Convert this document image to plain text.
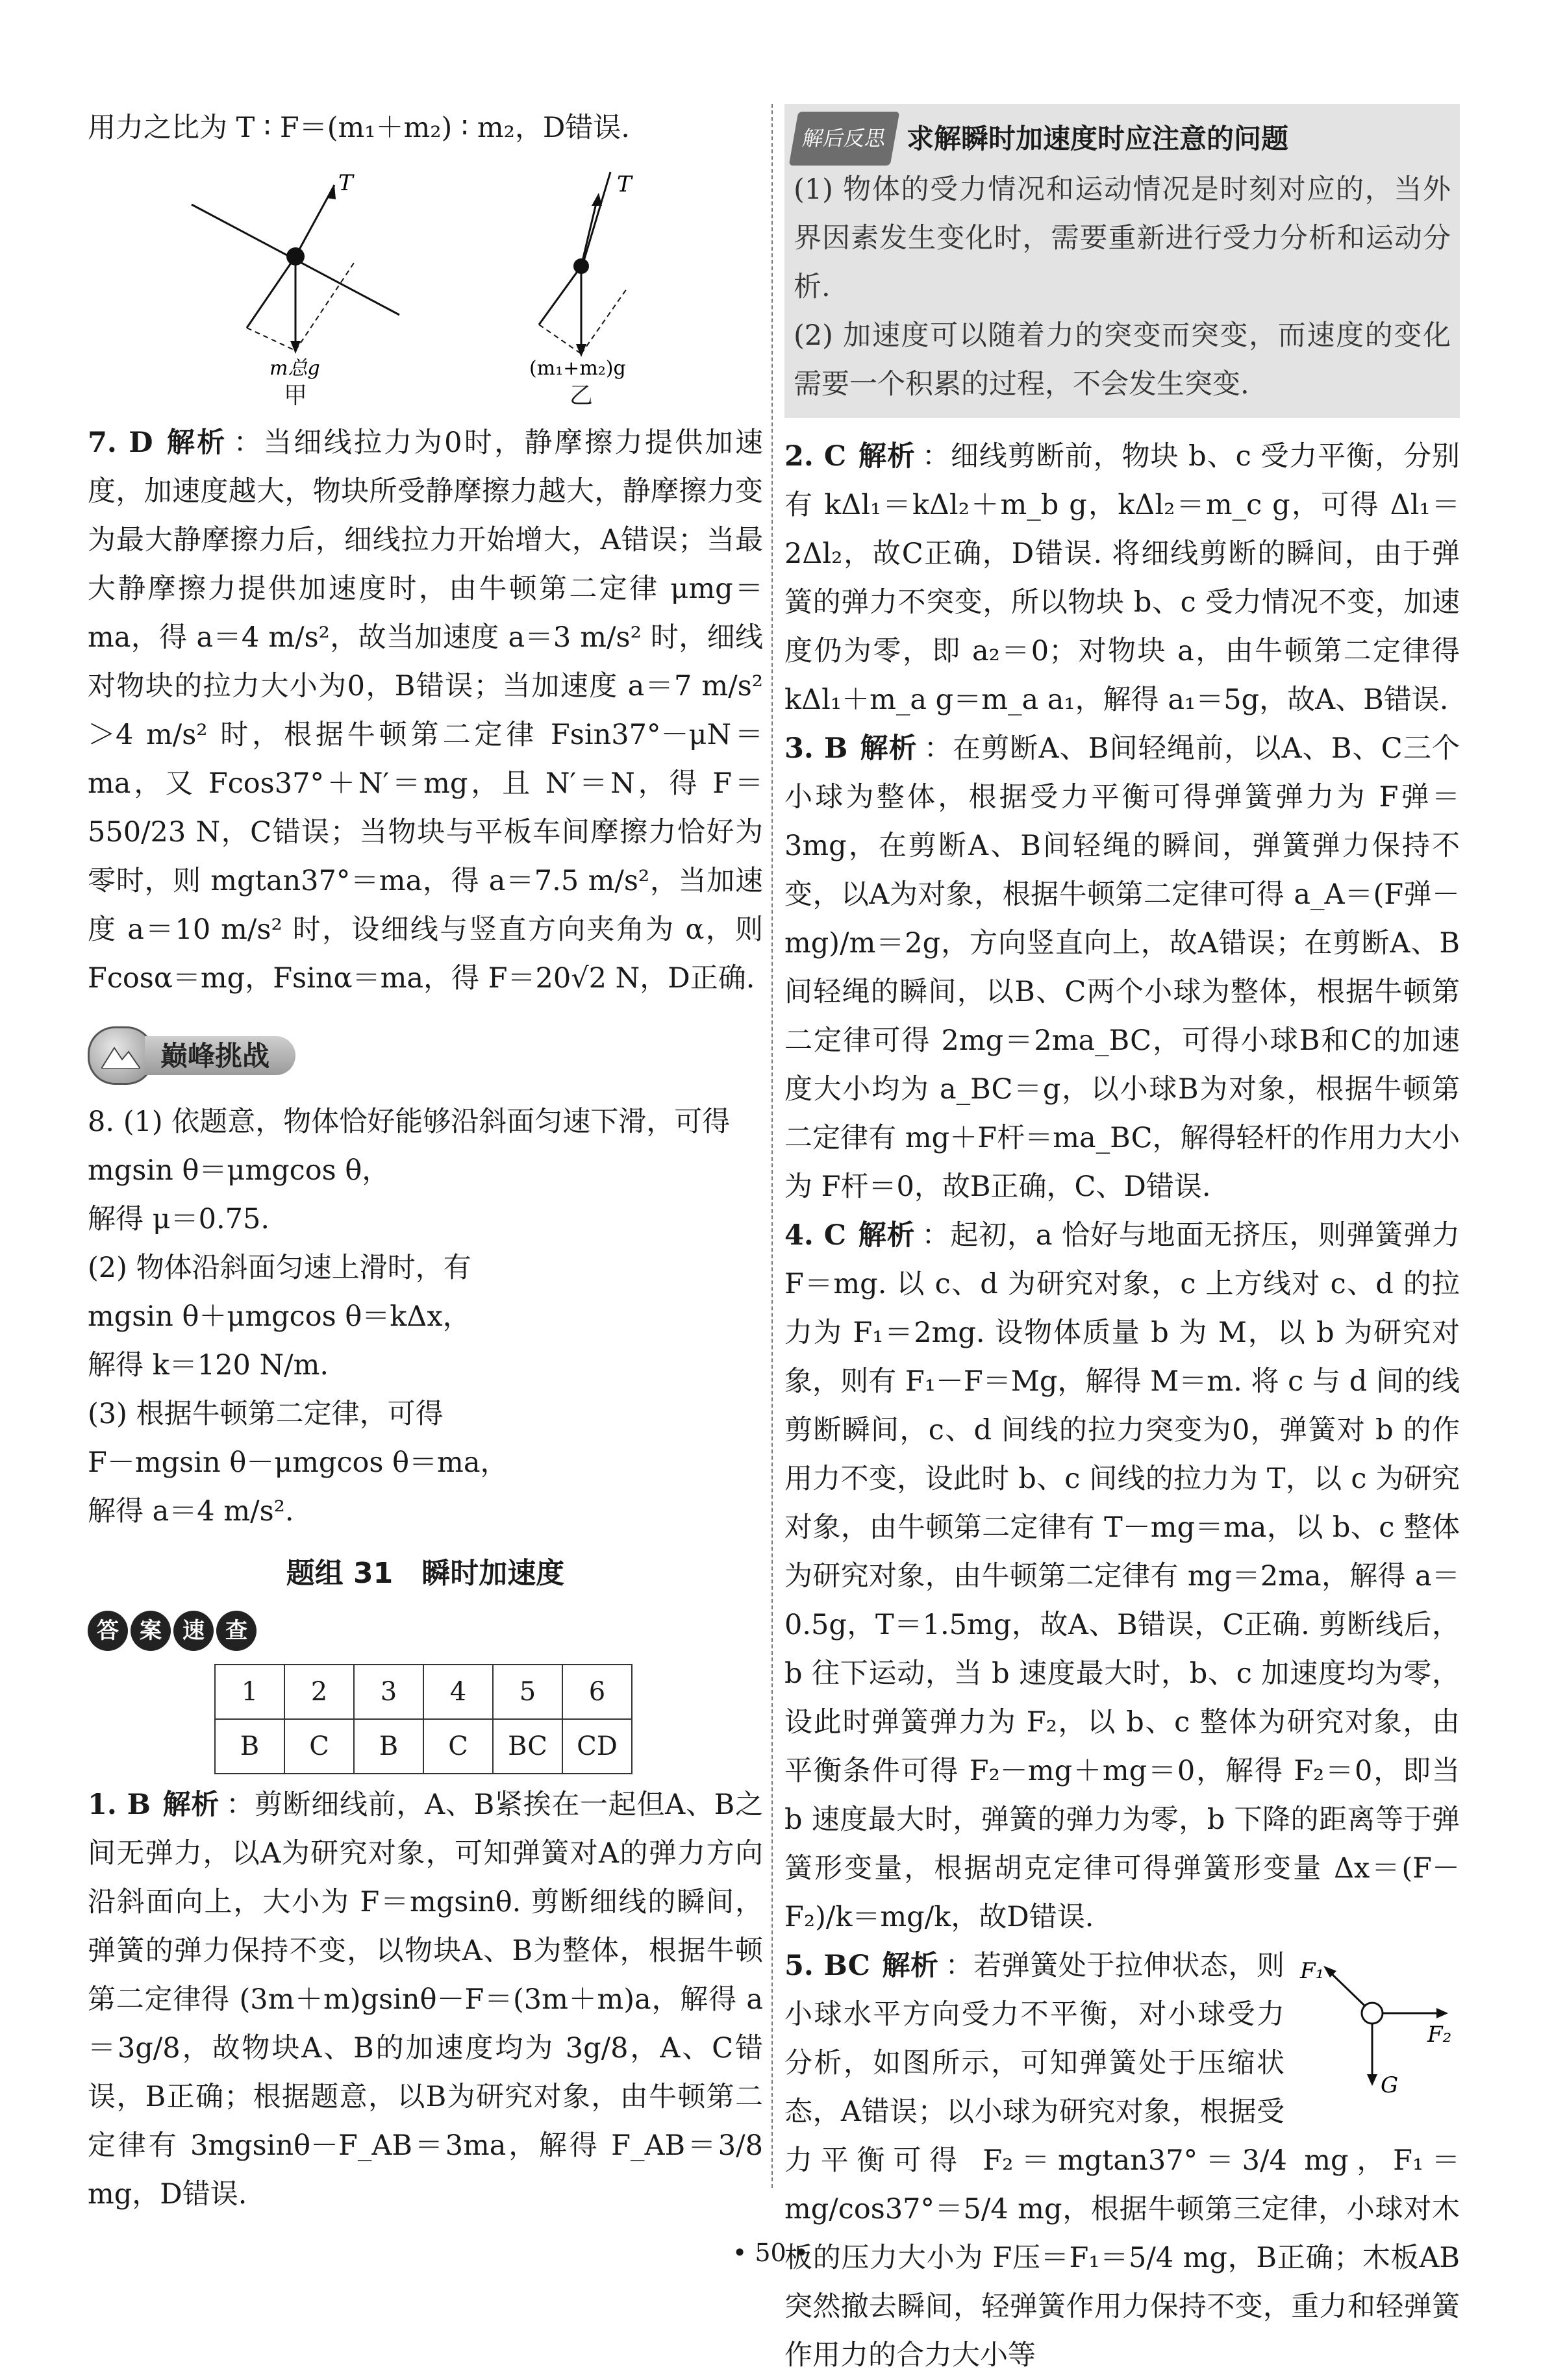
用力之比为 T ∶ F＝(m₁＋m₂) ∶ m₂，D错误.

T
m总g
甲
T
(m₁+m₂)g
乙

7. D 解析 ：当细线拉力为0时，静摩擦力提供加速度，加速度越大，物块所受静摩擦力越大，静摩擦力变为最大静摩擦力后，细线拉力开始增大，A错误；当最大静摩擦力提供加速度时，由牛顿第二定律 μmg＝ma，得 a＝4 m/s²，故当加速度 a＝3 m/s² 时，细线对物块的拉力大小为0，B错误；当加速度 a＝7 m/s²＞4 m/s² 时，根据牛顿第二定律 Fsin37°－μN＝ma，又 Fcos37°＋N′＝mg，且 N′＝N，得 F＝550/23 N，C错误；当物块与平板车间摩擦力恰好为零时，则 mgtan37°＝ma，得 a＝7.5 m/s²，当加速度 a＝10 m/s² 时，设细线与竖直方向夹角为 α，则 Fcosα＝mg，Fsinα＝ma，得 F＝20√2 N，D正确.

巅峰挑战
8. (1) 依题意，物体恰好能够沿斜面匀速下滑，可得
mgsin θ＝μmgcos θ，
解得 μ＝0.75.
(2) 物体沿斜面匀速上滑时，有
mgsin θ＋μmgcos θ＝kΔx，
解得 k＝120 N/m.
(3) 根据牛顿第二定律，可得
F－mgsin θ－μmgcos θ＝ma，
解得 a＝4 m/s².
题组 31　瞬时加速度
答 案 速 查
1	2	3	4	5	6
B	C	B	C	BC	CD

1. B 解析 ：剪断细线前，A、B紧挨在一起但A、B之间无弹力，以A为研究对象，可知弹簧对A的弹力方向沿斜面向上，大小为 F＝mgsinθ. 剪断细线的瞬间，弹簧的弹力保持不变，以物块A、B为整体，根据牛顿第二定律得 (3m＋m)gsinθ－F＝(3m＋m)a，解得 a＝3g/8，故物块A、B的加速度均为 3g/8，A、C错误，B正确；根据题意，以B为研究对象，由牛顿第二定律有 3mgsinθ－F_AB＝3ma，解得 F_AB＝3/8 mg，D错误.

解后反思 求解瞬时加速度时应注意的问题

(1) 物体的受力情况和运动情况是时刻对应的，当外界因素发生变化时，需要重新进行受力分析和运动分析.

(2) 加速度可以随着力的突变而突变，而速度的变化需要一个积累的过程，不会发生突变.

2. C 解析 ：细线剪断前，物块 b、c 受力平衡，分别有 kΔl₁＝kΔl₂＋m_b g，kΔl₂＝m_c g，可得 Δl₁＝2Δl₂，故C正确，D错误. 将细线剪断的瞬间，由于弹簧的弹力不突变，所以物块 b、c 受力情况不变，加速度仍为零，即 a₂＝0；对物块 a，由牛顿第二定律得 kΔl₁＋m_a g＝m_a a₁，解得 a₁＝5g，故A、B错误.

3. B 解析 ：在剪断A、B间轻绳前，以A、B、C三个小球为整体，根据受力平衡可得弹簧弹力为 F弹＝3mg，在剪断A、B间轻绳的瞬间，弹簧弹力保持不变，以A为对象，根据牛顿第二定律可得 a_A＝(F弹－mg)/m＝2g，方向竖直向上，故A错误；在剪断A、B间轻绳的瞬间，以B、C两个小球为整体，根据牛顿第二定律可得 2mg＝2ma_BC，可得小球B和C的加速度大小均为 a_BC＝g，以小球B为对象，根据牛顿第二定律有 mg＋F杆＝ma_BC，解得轻杆的作用力大小为 F杆＝0，故B正确，C、D错误.

4. C 解析 ：起初，a 恰好与地面无挤压，则弹簧弹力 F＝mg. 以 c、d 为研究对象，c 上方线对 c、d 的拉力为 F₁＝2mg. 设物体质量 b 为 M，以 b 为研究对象，则有 F₁－F＝Mg，解得 M＝m. 将 c 与 d 间的线剪断瞬间，c、d 间线的拉力突变为0，弹簧对 b 的作用力不变，设此时 b、c 间线的拉力为 T，以 c 为研究对象，由牛顿第二定律有 T－mg＝ma，以 b、c 整体为研究对象，由牛顿第二定律有 mg＝2ma，解得 a＝0.5g，T＝1.5mg，故A、B错误，C正确. 剪断线后，b 往下运动，当 b 速度最大时，b、c 加速度均为零，设此时弹簧弹力为 F₂，以 b、c 整体为研究对象，由平衡条件可得 F₂－mg＋mg＝0，解得 F₂＝0，即当 b 速度最大时，弹簧的弹力为零，b 下降的距离等于弹簧形变量，根据胡克定律可得弹簧形变量 Δx＝(F－F₂)/k＝mg/k，故D错误.

F₁
F₂
G

5. BC 解析 ：若弹簧处于拉伸状态，则小球水平方向受力不平衡，对小球受力分析，如图所示，可知弹簧处于压缩状态，A错误；以小球为研究对象，根据受力平衡可得 F₂＝mgtan37°＝3/4 mg，F₁＝mg/cos37°＝5/4 mg，根据牛顿第三定律，小球对木板的压力大小为 F压＝F₁＝5/4 mg，B正确；木板AB突然撤去瞬间，轻弹簧作用力保持不变，重力和轻弹簧作用力的合力大小等

• 50 •
